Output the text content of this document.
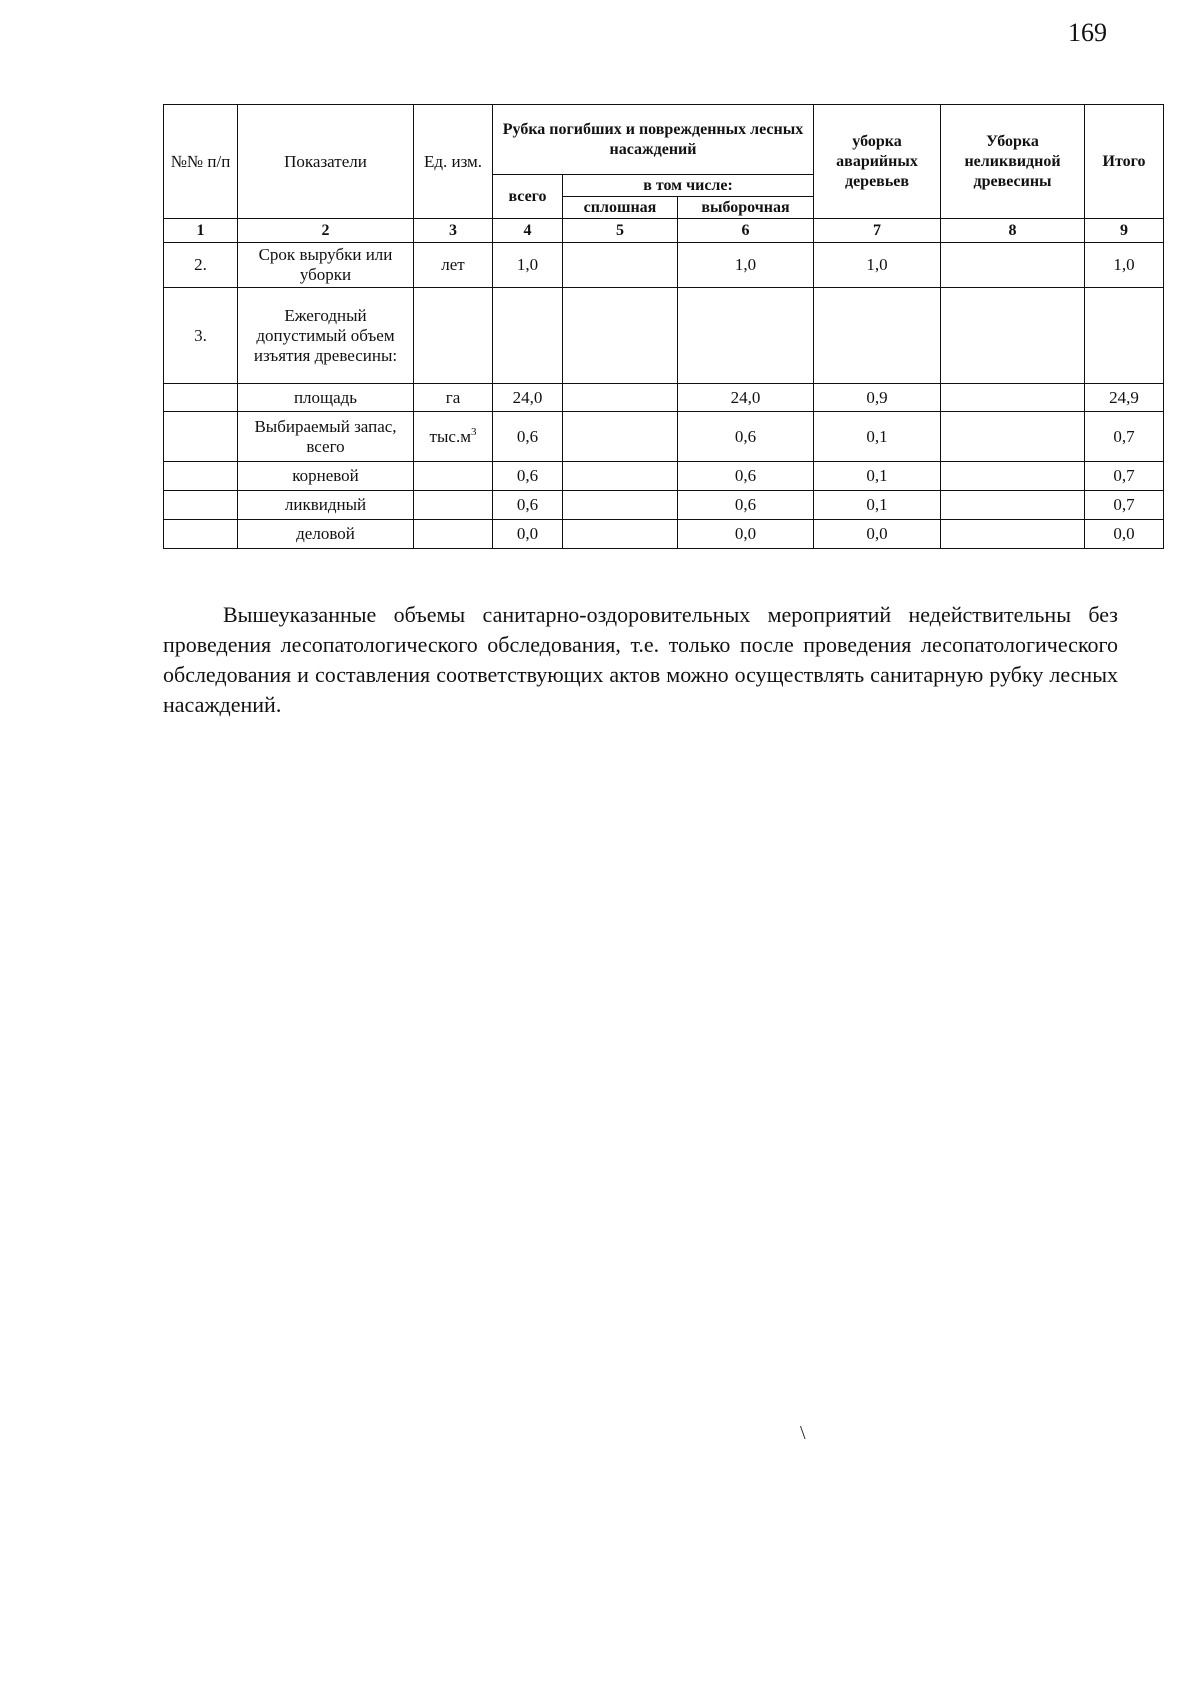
169
№№ п/п	Показатели	Ед. изм.	Рубка погибших и поврежденных лесных насаждений			уборка аварийных деревьев	Уборка неликвидной древесины	Итого
			всего	в том числе:				
				сплошная	выборочная			
1	2	3	4	5	6	7	8	9
2.	Срок вырубки или уборки	лет	1,0		1,0	1,0		1,0
3.	Ежегодный допустимый объем изъятия древесины:							
	площадь	га	24,0		24,0	0,9		24,9
	Выбираемый запас, всего	$тыс.м^3$	0,6		0,6	0,1		0,7
	корневой		0,6		0,6	0,1		0,7
	ликвидный		0,6		0,6	0,1		0,7
	деловой		0,0		0,0	0,0		0,0

Вышеуказанные объемы санитарно-оздоровительных мероприятий недействительны без проведения лесопатологического обследования, т.е. только после проведения лесопатологического обследования и составления соответствующих актов можно осуществлять санитарную рубку лесных насаждений.

\
